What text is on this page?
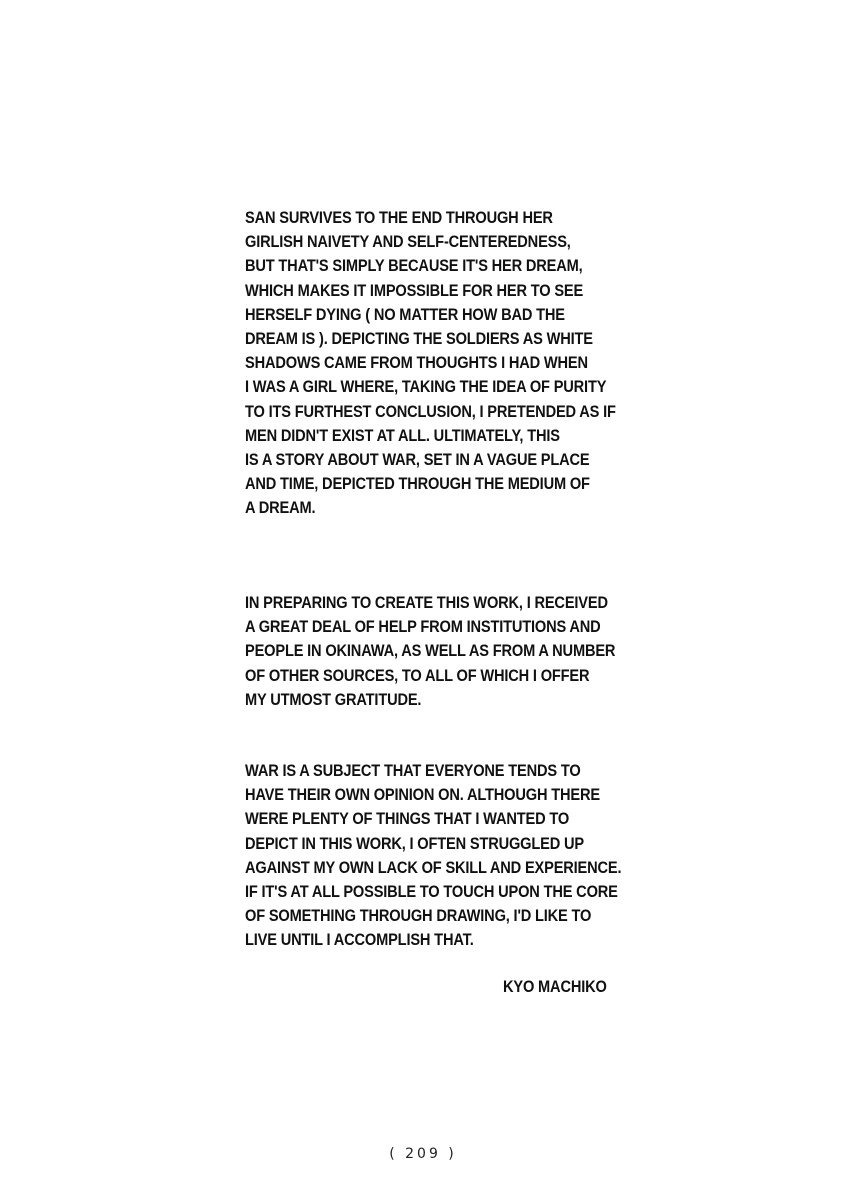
SAN SURVIVES TO THE END THROUGH HER
GIRLISH NAIVETY AND SELF-CENTEREDNESS,
BUT THAT'S SIMPLY BECAUSE IT'S HER DREAM,
WHICH MAKES IT IMPOSSIBLE FOR HER TO SEE
HERSELF DYING ( NO MATTER HOW BAD THE
DREAM IS ). DEPICTING THE SOLDIERS AS WHITE
SHADOWS CAME FROM THOUGHTS I HAD WHEN
I WAS A GIRL WHERE, TAKING THE IDEA OF PURITY
TO ITS FURTHEST CONCLUSION, I PRETENDED AS IF
MEN DIDN'T EXIST AT ALL. ULTIMATELY, THIS
IS A STORY ABOUT WAR, SET IN A VAGUE PLACE
AND TIME, DEPICTED THROUGH THE MEDIUM OF
A DREAM.
IN PREPARING TO CREATE THIS WORK, I RECEIVED
A GREAT DEAL OF HELP FROM INSTITUTIONS AND
PEOPLE IN OKINAWA, AS WELL AS FROM A NUMBER
OF OTHER SOURCES, TO ALL OF WHICH I OFFER
MY UTMOST GRATITUDE.
WAR IS A SUBJECT THAT EVERYONE TENDS TO
HAVE THEIR OWN OPINION ON. ALTHOUGH THERE
WERE PLENTY OF THINGS THAT I WANTED TO
DEPICT IN THIS WORK, I OFTEN STRUGGLED UP
AGAINST MY OWN LACK OF SKILL AND EXPERIENCE.
IF IT'S AT ALL POSSIBLE TO TOUCH UPON THE CORE
OF SOMETHING THROUGH DRAWING, I'D LIKE TO
LIVE UNTIL I ACCOMPLISH THAT.
KYO MACHIKO
( 209 )
